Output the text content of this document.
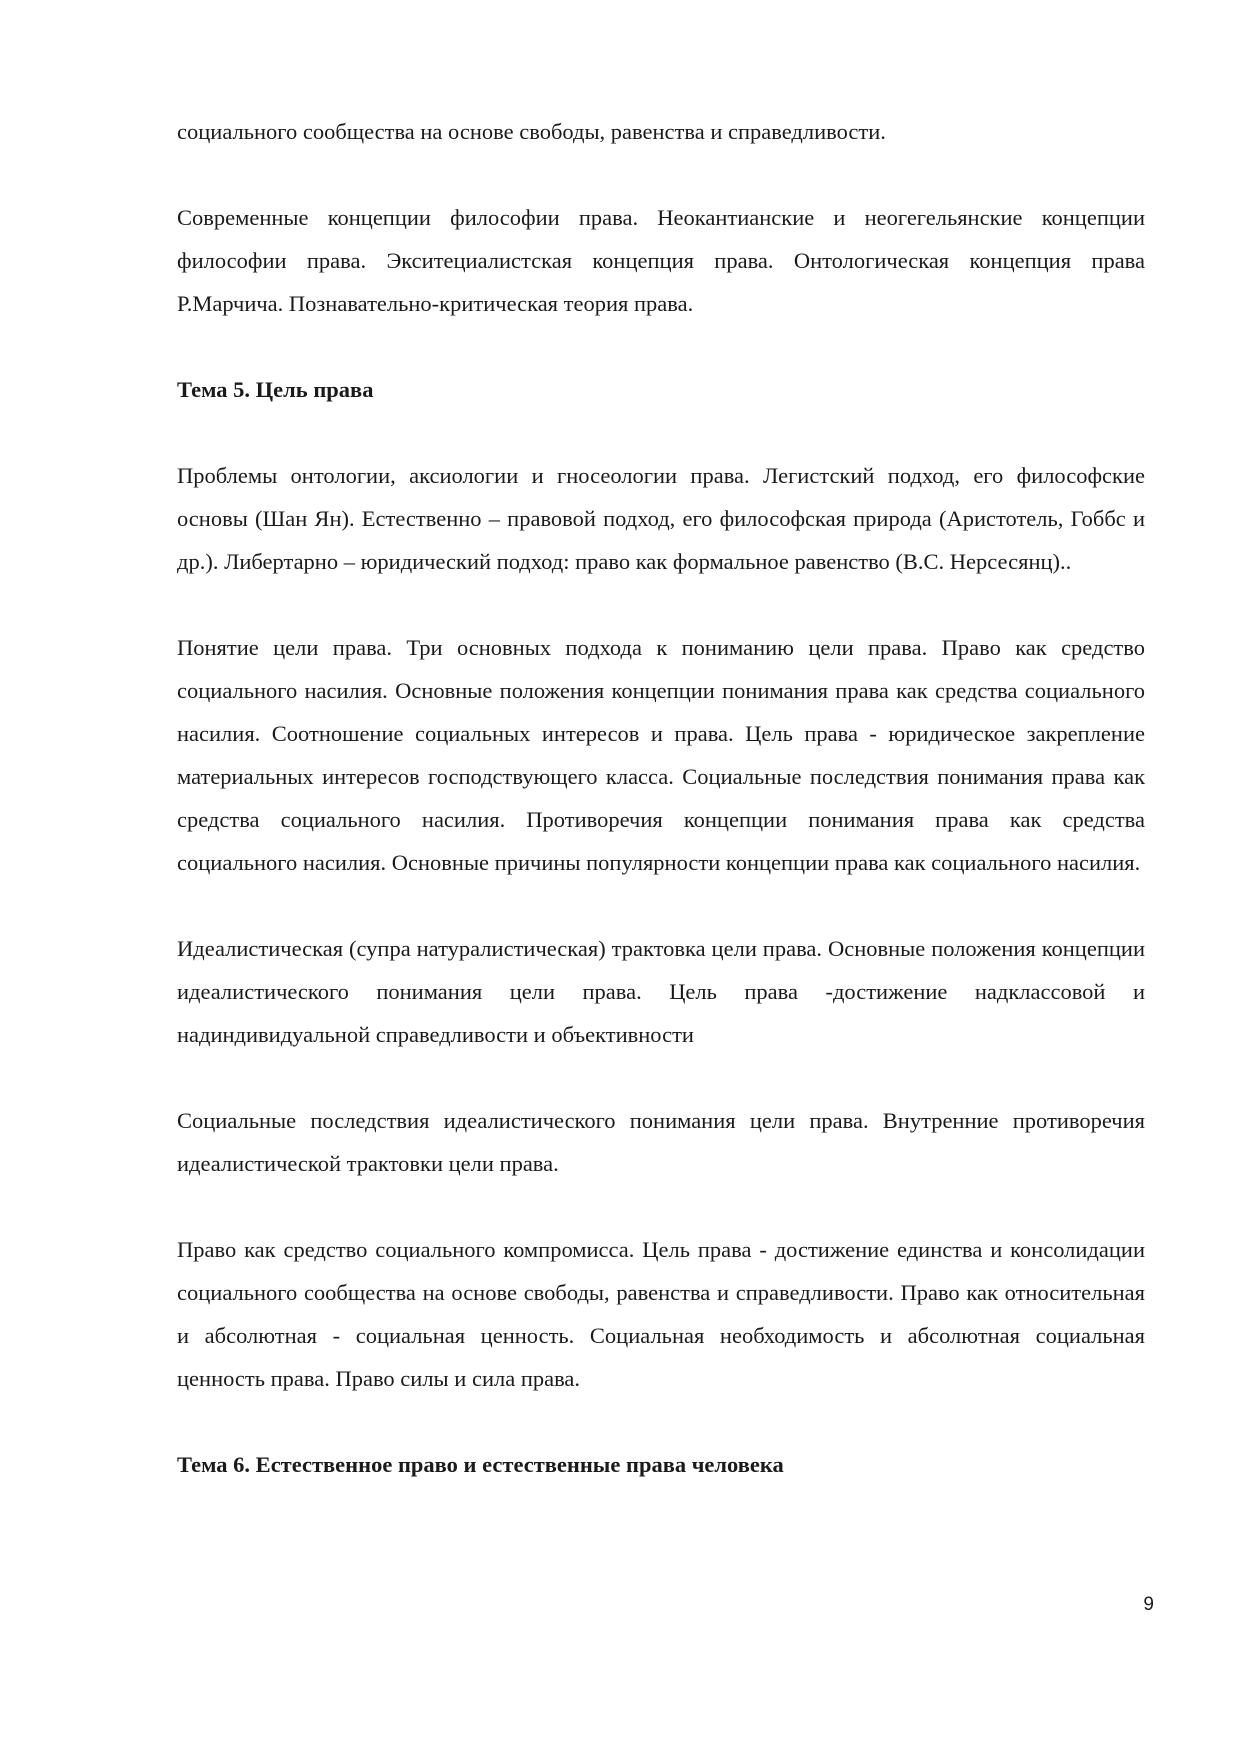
социального сообщества на основе свободы, равенства и справедливости.

Современные концепции философии права. Неокантианские и неогегельянские концепции философии права. Экситециалистская концепция права. Онтологическая концепция права Р.Марчича. Познавательно-критическая теория права.

Тема 5. Цель права

Проблемы онтологии, аксиологии и гносеологии права. Легистский подход, его философские основы (Шан Ян). Естественно – правовой подход, его философская природа (Аристотель, Гоббс и др.). Либертарно – юридический подход: право как формальное равенство (В.С. Нерсесянц)..

Понятие цели права. Три основных подхода к пониманию цели права. Право как средство социального насилия. Основные положения концепции понимания права как средства социального насилия. Соотношение социальных интересов и права. Цель права - юридическое закрепление материальных интересов господствующего класса. Социальные последствия понимания права как средства социального насилия. Противоречия концепции понимания права как средства социального насилия. Основные причины популярности концепции права как социального насилия.

Идеалистическая (супра натуралистическая) трактовка цели права. Основные положения концепции идеалистического понимания цели права. Цель права -достижение надклассовой и надиндивидуальной справедливости и объективности

Социальные последствия идеалистического понимания цели права. Внутренние противоречия идеалистической трактовки цели права.

Право как средство социального компромисса. Цель права - достижение единства и консолидации социального сообщества на основе свободы, равенства и справедливости. Право как относительная и абсолютная - социальная ценность. Социальная необходимость и абсолютная социальная ценность права. Право силы и сила права.

Тема 6. Естественное право и естественные права человека

9
